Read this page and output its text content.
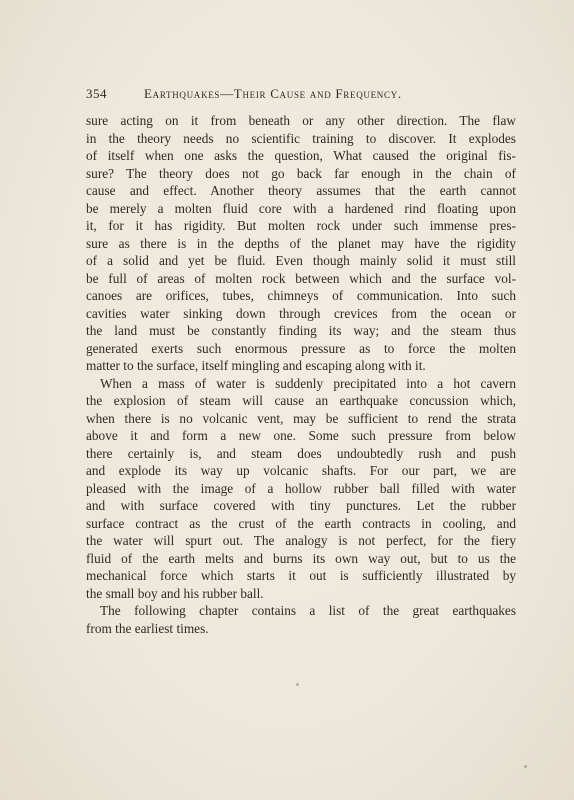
354	Earthquakes—Their Cause and Frequency.
sure acting on it from beneath or any other direction. The flaw
in the theory needs no scientific training to discover. It explodes
of itself when one asks the question, What caused the original fis-
sure? The theory does not go back far enough in the chain of
cause and effect. Another theory assumes that the earth cannot
be merely a molten fluid core with a hardened rind floating upon
it, for it has rigidity. But molten rock under such immense pres-
sure as there is in the depths of the planet may have the rigidity
of a solid and yet be fluid. Even though mainly solid it must still
be full of areas of molten rock between which and the surface vol-
canoes are orifices, tubes, chimneys of communication. Into such
cavities water sinking down through crevices from the ocean or
the land must be constantly finding its way; and the steam thus
generated exerts such enormous pressure as to force the molten
matter to the surface, itself mingling and escaping along with it.
When a mass of water is suddenly precipitated into a hot cavern
the explosion of steam will cause an earthquake concussion which,
when there is no volcanic vent, may be sufficient to rend the strata
above it and form a new one. Some such pressure from below
there certainly is, and steam does undoubtedly rush and push
and explode its way up volcanic shafts. For our part, we are
pleased with the image of a hollow rubber ball filled with water
and with surface covered with tiny punctures. Let the rubber
surface contract as the crust of the earth contracts in cooling, and
the water will spurt out. The analogy is not perfect, for the fiery
fluid of the earth melts and burns its own way out, but to us the
mechanical force which starts it out is sufficiently illustrated by
the small boy and his rubber ball.
The following chapter contains a list of the great earthquakes
from the earliest times.
